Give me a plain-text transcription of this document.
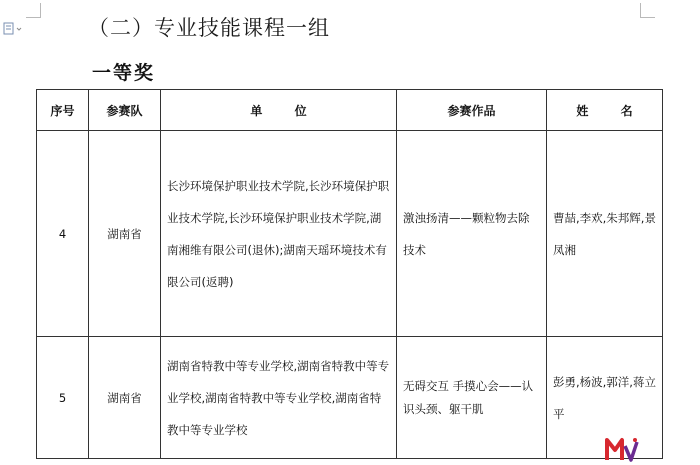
（二）专业技能课程一组
一等奖
序号	参赛队	单 位	参赛作品	姓 名
4	湖南省	长沙环境保护职业技术学院,长沙环境保护职业技术学院,长沙环境保护职业技术学院,湖南湘维有限公司(退休);湖南天瑶环境技术有限公司(返聘)	激浊扬清——颗粒物去除技术	曹喆,李欢,朱邦辉,景凤湘
5	湖南省	湖南省特教中等专业学校,湖南省特教中等专业学校,湖南省特教中等专业学校,湖南省特教中等专业学校	无碍交互 手摸心会——认识头颈、躯干肌	彭勇,杨波,郭洋,蒋立平
